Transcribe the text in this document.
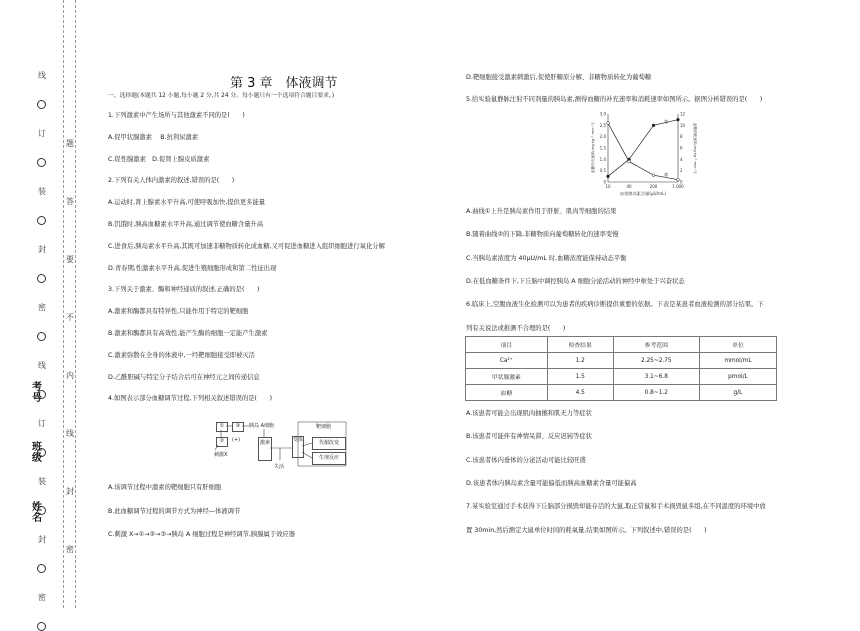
线
订
装
封
密
线
订
装
封
密
题
答
要
不
内
线
封
密
考号
班级
姓名
第 3 章　体液调节
一、选择题(本题共 12 小题,每小题 2 分,共 24 分。每小题只有一个选项符合题目要求。)
1.下列激素中产生场所与其他激素不同的是(　　)
A.促甲状腺激素　 B.抗利尿激素
C.促性腺激素　D.促肾上腺皮质激素
2.下列有关人体内激素的叙述,错误的是(　　)
A.运动时,肾上腺素水平升高,可使呼吸加快,提供更多能量
B.饥饿时,胰高血糖素水平升高,通过调节使血糖含量升高
C.进食后,胰岛素水平升高,其既可加速非糖物质转化成血糖,又可促进血糖进入组织细胞进行氧化分解
D.青春期,性激素水平升高,促进生殖细胞形成和第二性征出现
3.下列关于激素、酶和神经递质的叙述,正确的是(　　)
A.激素和酶都具有特异性,只能作用于特定的靶细胞
B.激素和酶都具有高效性,能产生酶的细胞一定能产生激素
C.激素弥散在全身的体液中,一经靶细胞接受即被灭活
D.乙酰胆碱与特定分子结合后可在神经元之间传递信息
4.如图表示部分血糖调节过程,下列相关叙述错误的是(　　)
①	③
②
胰岛 A细胞
(+)
刺激X
激素	受体
靶细胞
代谢改变
生理反应
失活
A.该调节过程中激素的靶细胞只有肝细胞
B.此血糖调节过程的调节方式为神经—体液调节
C.刺激 X→①→②→③→胰岛 A 细胞过程是神经调节,胰腺属于效应器
D.靶细胞接受激素刺激后,促使肝糖原分解、非糖物质转化为葡萄糖
5.给实验鼠静脉注射不同剂量的胰岛素,测得血糖的补充速率和消耗速率如图所示。据图分析错误的是(　　)
0
0.5
1.0
1.5
2.0
2.5
3.0
0
2
4
6
8
10
12
10	40	200	1 000
血浆胰岛素含量(μU/mL)
血糖补充速率(mg·kg⁻¹·min⁻¹)	血糖消耗速率(mg·kg⁻¹·min⁻¹)
①
②
A.曲线①上升是胰岛素作用于肝脏、肌肉等细胞的结果
B.随着曲线②的下降,非糖物质向葡萄糖转化的速率变慢
C.当胰岛素浓度为 40μU/mL 时,血糖浓度能保持动态平衡
D.在低血糖条件下,下丘脑中调控胰岛 A 细胞分泌活动的神经中枢处于兴奋状态
6.临床上,空腹血液生化检测可以为患者的疾病诊断提供重要的依据。下表是某患者血液检测的部分结果。下
列有关说法或推测不合理的是(　　)
项目	检查结果	参考范围	单位
Ca²⁺	1.2	2.25~2.75	mmol/mL
甲状腺激素	1.5	3.1~6.8	pmol/L
血糖	4.5	0.8~1.2	g/L
A.该患者可能会出现肌肉抽搐和肌无力等症状
B.该患者可能伴有神情呆滞、反应迟钝等症状
C.该患者体内垂体的分泌活动可能比较旺盛
D.该患者体内胰岛素含量可能偏低而胰高血糖素含量可能偏高
7.某实验室通过手术获得下丘脑部分损毁却能存活的大鼠,取正常鼠和手术损毁鼠多组,在不同温度的环境中放
置 30min,然后测定大鼠单位时间的耗氧量,结果如图所示。下列叙述中,错误的是(　　)
